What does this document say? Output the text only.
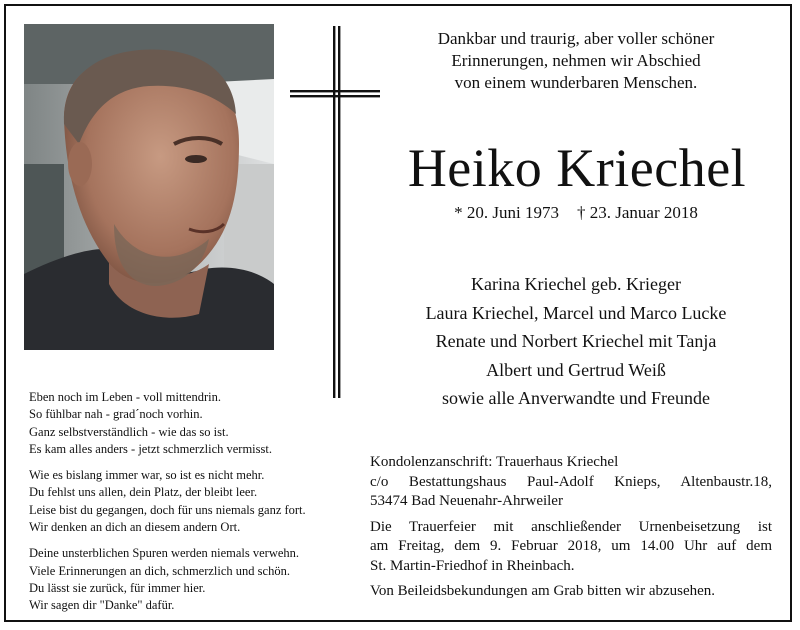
Dankbar und traurig, aber voller schöner
Erinnerungen, nehmen wir Abschied
von einem wunderbaren Menschen.
Heiko Kriechel
* 20. Juni 1973 † 23. Januar 2018
Karina Kriechel geb. Krieger
Laura Kriechel, Marcel und Marco Lucke
Renate und Norbert Kriechel mit Tanja
Albert und Gertrud Weiß
sowie alle Anverwandte und Freunde
Eben noch im Leben - voll mittendrin.
So fühlbar nah - grad´noch vorhin.
Ganz selbstverständlich - wie das so ist.
Es kam alles anders - jetzt schmerzlich vermisst.
Wie es bislang immer war, so ist es nicht mehr.
Du fehlst uns allen, dein Platz, der bleibt leer.
Leise bist du gegangen, doch für uns niemals ganz fort.
Wir denken an dich an diesem andern Ort.
Deine unsterblichen Spuren werden niemals verwehn.
Viele Erinnerungen an dich, schmerzlich und schön.
Du lässt sie zurück, für immer hier.
Wir sagen dir "Danke" dafür.
Kondolenzanschrift: Trauerhaus Kriechel
c/o Bestattungshaus Paul-Adolf Knieps, Altenbaustr.18,
53474 Bad Neuenahr-Ahrweiler
Die Trauerfeier mit anschließender Urnenbeisetzung ist
am Freitag, dem 9. Februar 2018, um 14.00 Uhr auf dem
St. Martin-Friedhof in Rheinbach.
Von Beileidsbekundungen am Grab bitten wir abzusehen.
